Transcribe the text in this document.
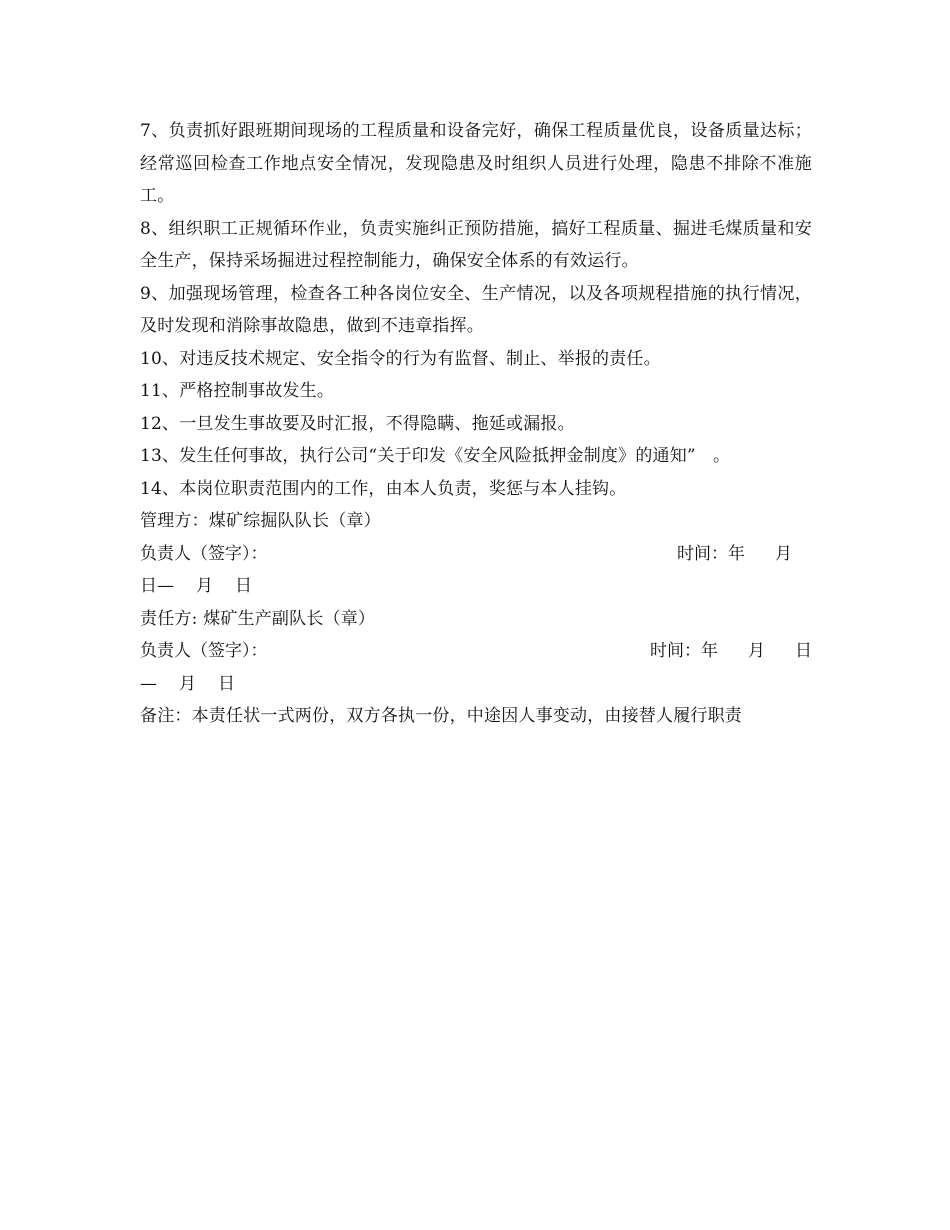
7、负责抓好跟班期间现场的工程质量和设备完好，确保工程质量优良，设备质量达标；经常巡回检查工作地点安全情况，发现隐患及时组织人员进行处理，隐患不排除不准施工。

8、组织职工正规循环作业，负责实施纠正预防措施，搞好工程质量、掘进毛煤质量和安全生产，保持采场掘进过程控制能力，确保安全体系的有效运行。

9、加强现场管理，检查各工种各岗位安全、生产情况，以及各项规程措施的执行情况，及时发现和消除事故隐患，做到不违章指挥。

10、对违反技术规定、安全指令的行为有监督、制止、举报的责任。

11、严格控制事故发生。

12、一旦发生事故要及时汇报，不得隐瞒、拖延或漏报。

13、发生任何事故，执行公司“关于印发《安全风险抵押金制度》的通知”　。

14、本岗位职责范围内的工作，由本人负责，奖惩与本人挂钩。

管理方：煤矿综掘队队长（章）

负责人（签字）：	时间：年 月
日— 月 日

责任方: 煤矿生产副队长（章）

负责人（签字）：	时间：年 月 日
— 月 日

备注：本责任状一式两份，双方各执一份，中途因人事变动，由接替人履行职责
